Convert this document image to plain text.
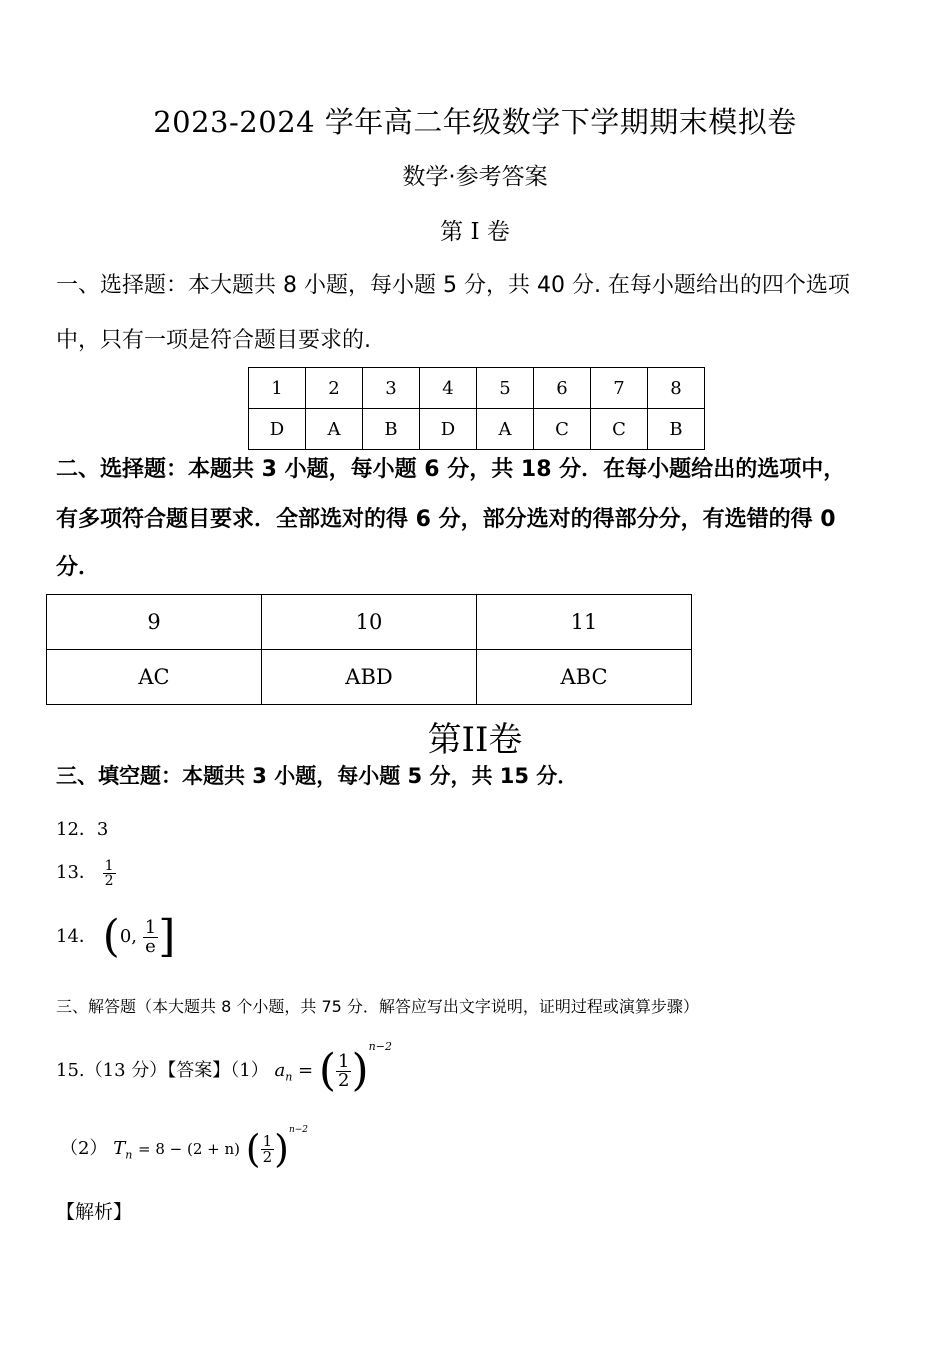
2023-2024 学年高二年级数学下学期期末模拟卷
数学·参考答案
第 I 卷
一、选择题：本大题共 8 小题，每小题 5 分，共 40 分. 在每小题给出的四个选项
中，只有一项是符合题目要求的.
1	2	3	4	5	6	7	8
D	A	B	D	A	C	C	B
二、选择题：本题共 3 小题，每小题 6 分，共 18 分．在每小题给出的选项中，
有多项符合题目要求．全部选对的得 6 分，部分选对的得部分分，有选错的得 0
分．
9	10	11
AC	ABD	ABC
第II卷
三、填空题：本题共 3 小题，每小题 5 分，共 15 分．
12．3
13． $\frac{1}{2}$
14． (0, $\frac{1}{e}$ ]
三、解答题（本大题共 8 个小题，共 75 分．解答应写出文字说明，证明过程或演算步骤）
15.（13 分）【答案】（1） $a_n$ = ( $\frac{1}{2} )^{n-2}$
（2） $T_n = 8 - (2 + n)$ ( $\frac{1}{2} )^{n-2}$
【解析】
